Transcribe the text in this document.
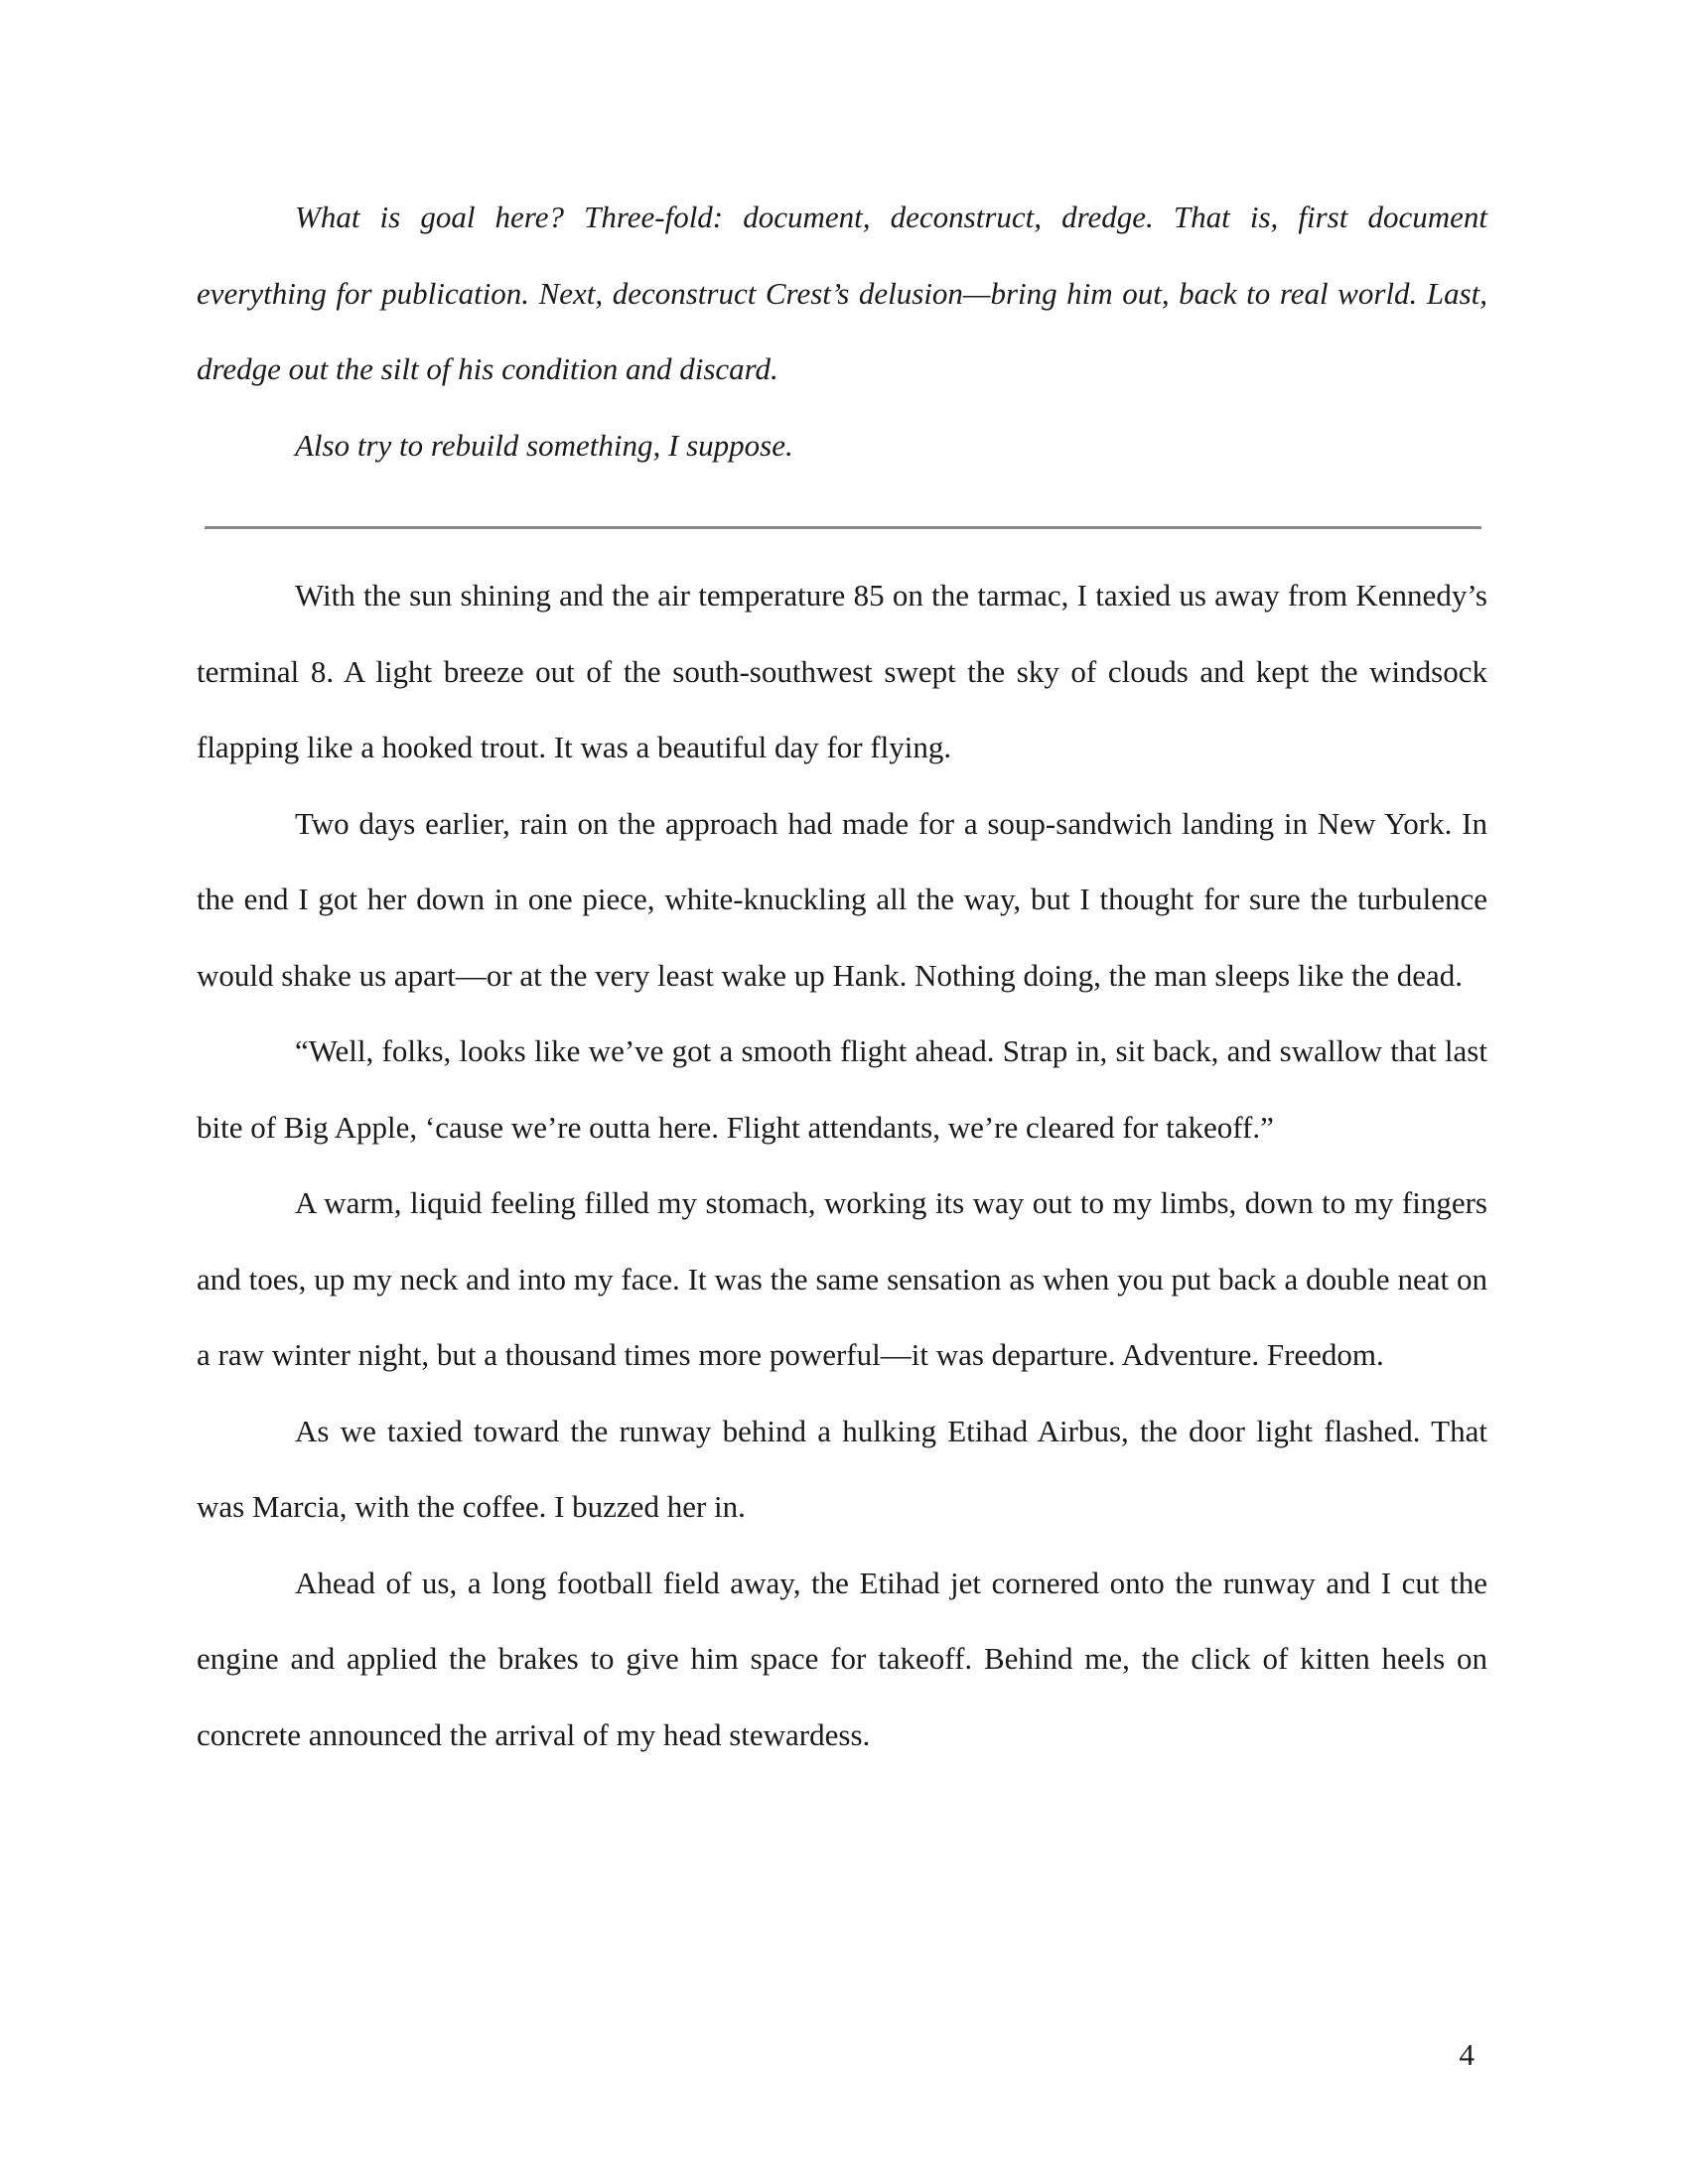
What is goal here? Three-fold: document, deconstruct, dredge. That is, first document everything for publication. Next, deconstruct Crest’s delusion—bring him out, back to real world. Last, dredge out the silt of his condition and discard.

Also try to rebuild something, I suppose.

With the sun shining and the air temperature 85 on the tarmac, I taxied us away from Kennedy’s terminal 8. A light breeze out of the south-southwest swept the sky of clouds and kept the windsock flapping like a hooked trout. It was a beautiful day for flying.

Two days earlier, rain on the approach had made for a soup-sandwich landing in New York. In the end I got her down in one piece, white-knuckling all the way, but I thought for sure the turbulence would shake us apart—or at the very least wake up Hank. Nothing doing, the man sleeps like the dead.

“Well, folks, looks like we’ve got a smooth flight ahead. Strap in, sit back, and swallow that last bite of Big Apple, ‘cause we’re outta here. Flight attendants, we’re cleared for takeoff.”

A warm, liquid feeling filled my stomach, working its way out to my limbs, down to my fingers and toes, up my neck and into my face. It was the same sensation as when you put back a double neat on a raw winter night, but a thousand times more powerful—it was departure. Adventure. Freedom.

As we taxied toward the runway behind a hulking Etihad Airbus, the door light flashed. That was Marcia, with the coffee. I buzzed her in.

Ahead of us, a long football field away, the Etihad jet cornered onto the runway and I cut the engine and applied the brakes to give him space for takeoff. Behind me, the click of kitten heels on concrete announced the arrival of my head stewardess.

4
